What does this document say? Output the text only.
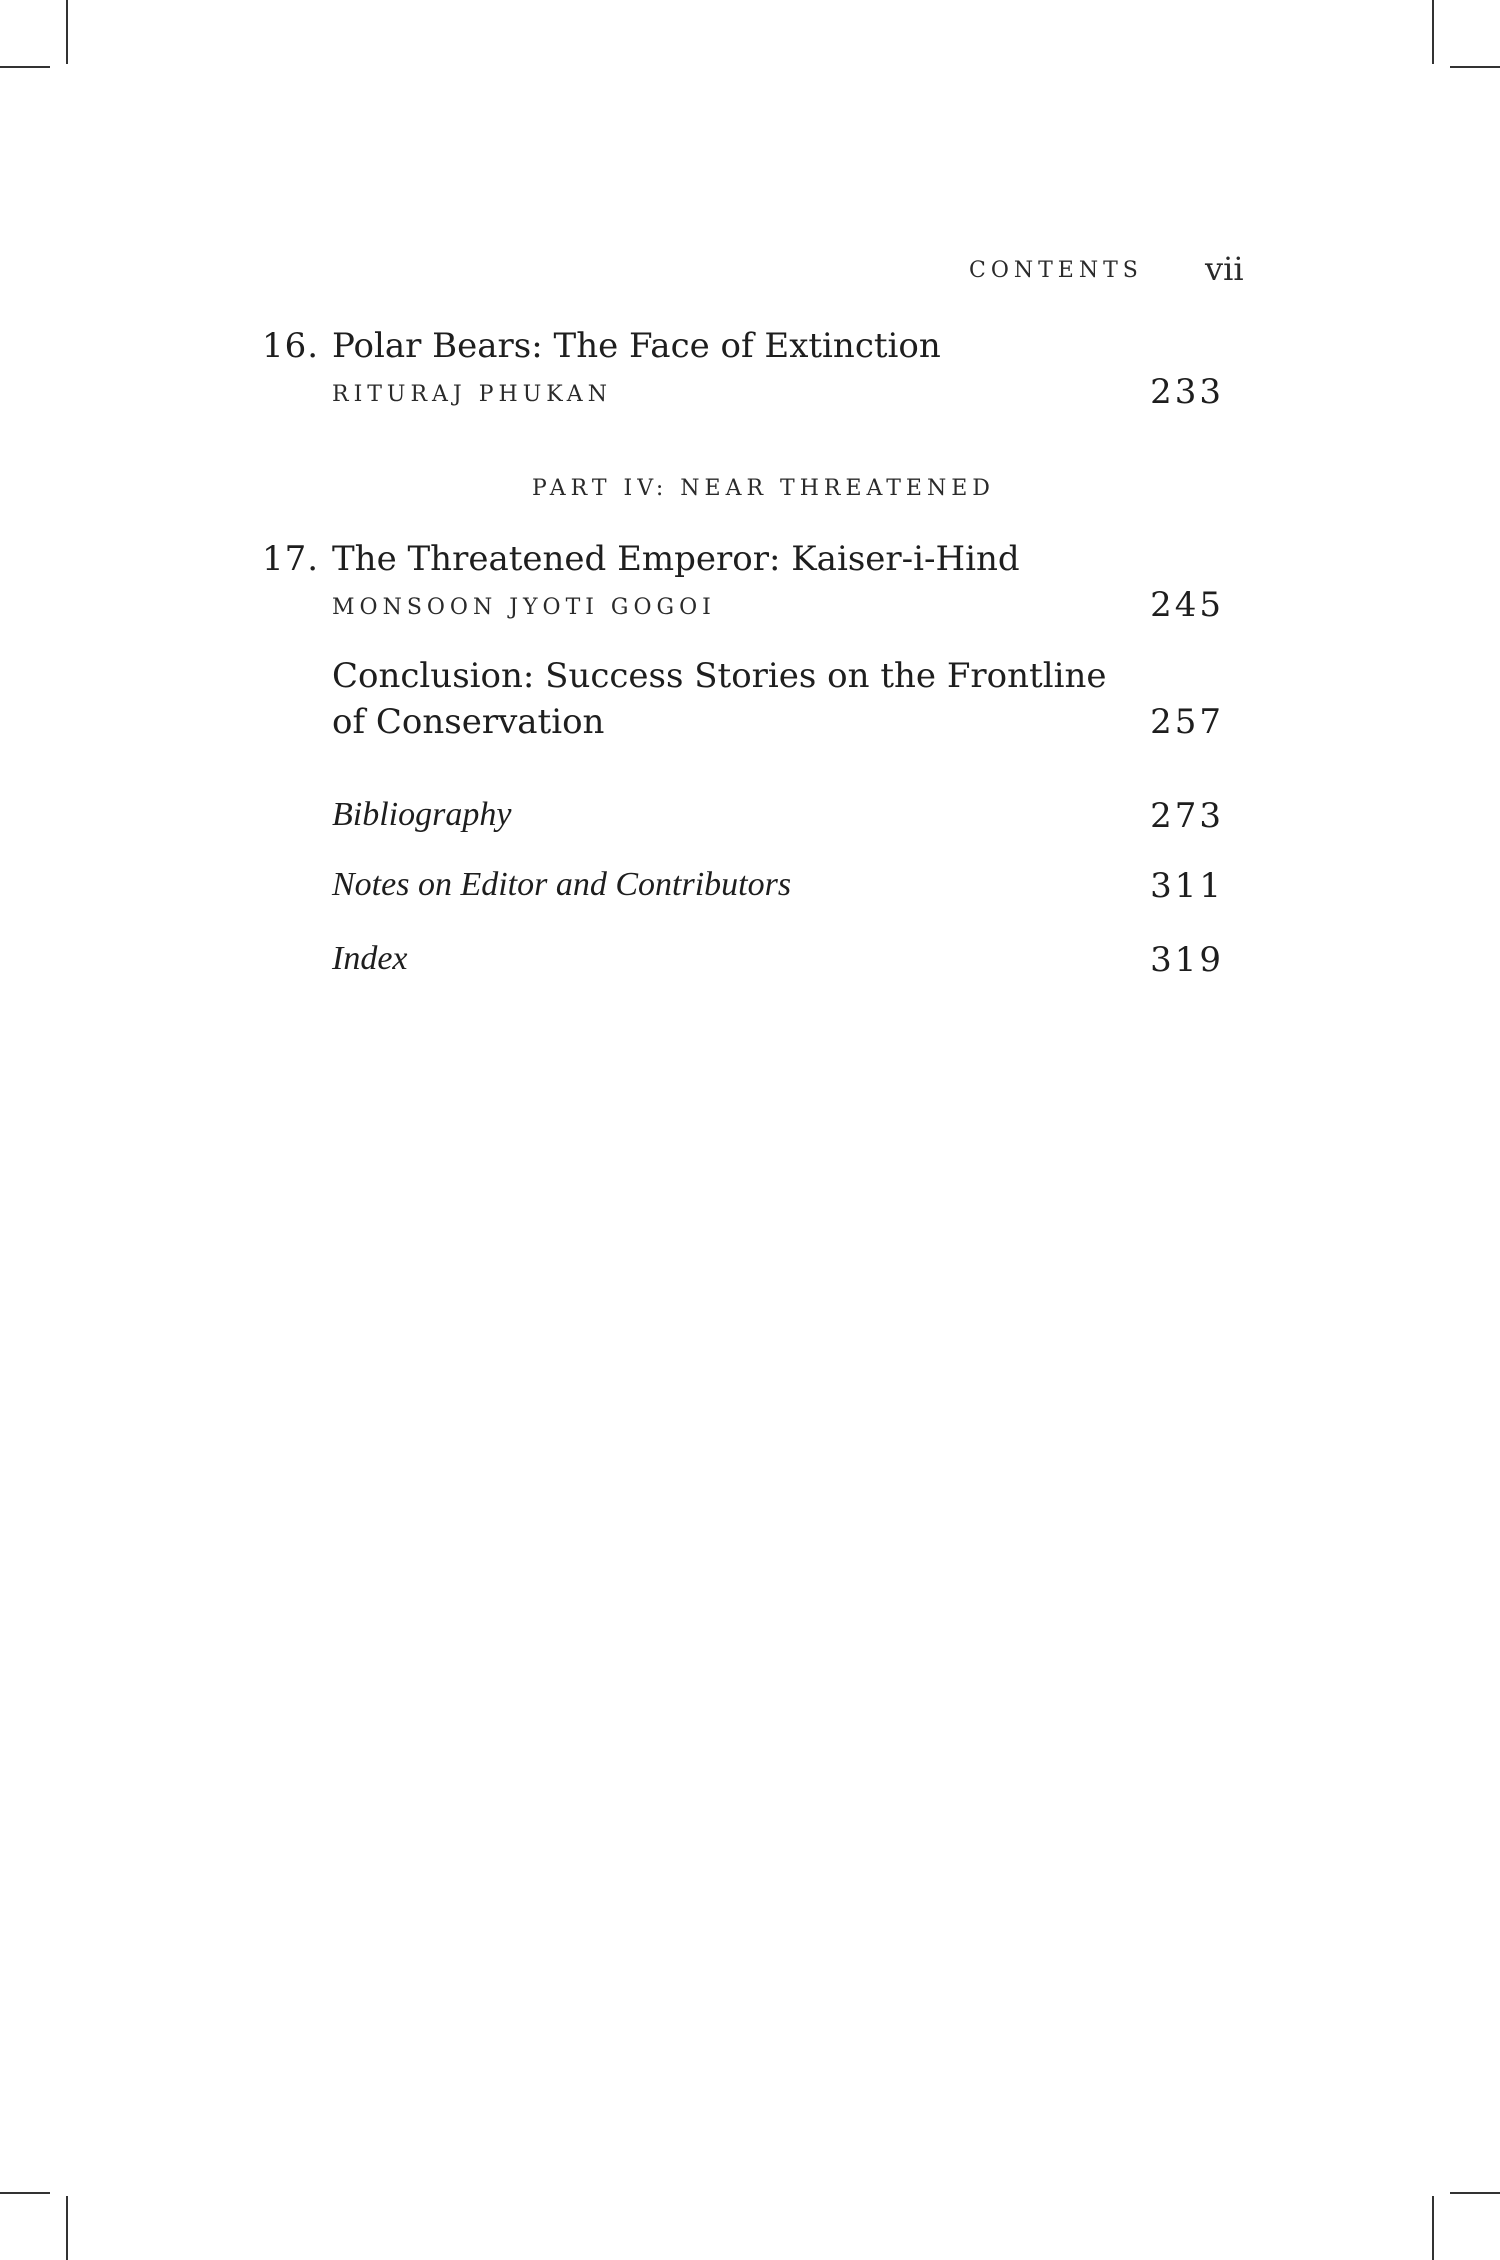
CONTENTS vii
16. Polar Bears: The Face of Extinction
RITURAJ PHUKAN	233
PART IV: NEAR THREATENED
17. The Threatened Emperor: Kaiser-i-Hind
MONSOON JYOTI GOGOI	245
Conclusion: Success Stories on the Frontline
of Conservation	257
Bibliography	273
Notes on Editor and Contributors	311
Index	319
